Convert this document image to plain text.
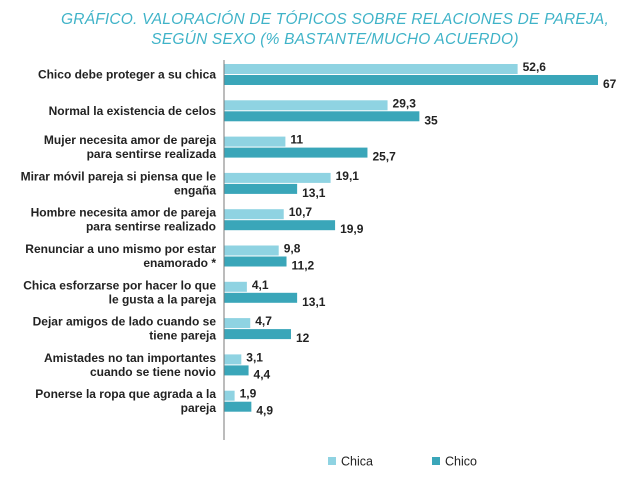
GRÁFICO. VALORACIÓN DE TÓPICOS SOBRE RELACIONES DE PAREJA,
SEGÚN SEXO (% BASTANTE/MUCHO ACUERDO)
Chico debe proteger a su chica
Normal la existencia de celos
Mujer necesita amor de pareja
para sentirse realizada
Mirar móvil pareja si piensa que le
engaña
Hombre necesita amor de pareja
para sentirse realizado
Renunciar a uno mismo por estar
enamorado *
Chica esforzarse por hacer lo que
le gusta a la pareja
Dejar amigos de lado cuando se
tiene pareja
Amistades no tan importantes
cuando se tiene novio
Ponerse la ropa que agrada a la
pareja
52,6
67
29,3
35
11
25,7
19,1
13,1
10,7
19,9
9,8
11,2
4,1
13,1
4,7
12
3,1
4,4
1,9
4,9
Chica	Chico
